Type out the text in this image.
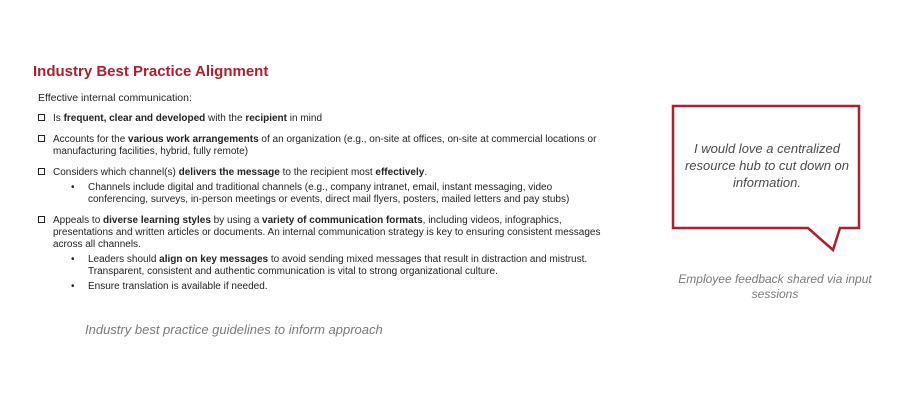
Industry Best Practice Alignment
Effective internal communication:
Is frequent, clear and developed with the recipient in mind
Accounts for the various work arrangements of an organization (e.g., on-site at offices, on-site at commercial locations or manufacturing facilities, hybrid, fully remote)
Considers which channel(s) delivers the message to the recipient most effectively.
• Channels include digital and traditional channels (e.g., company intranet, email, instant messaging, video conferencing, surveys, in-person meetings or events, direct mail flyers, posters, mailed letters and pay stubs)
Appeals to diverse learning styles by using a variety of communication formats, including videos, infographics, presentations and written articles or documents. An internal communication strategy is key to ensuring consistent messages across all channels.
• Leaders should align on key messages to avoid sending mixed messages that result in distraction and mistrust. Transparent, consistent and authentic communication is vital to strong organizational culture.
• Ensure translation is available if needed.
Industry best practice guidelines to inform approach
I would love a centralized resource hub to cut down on information.
Employee feedback shared via input sessions
